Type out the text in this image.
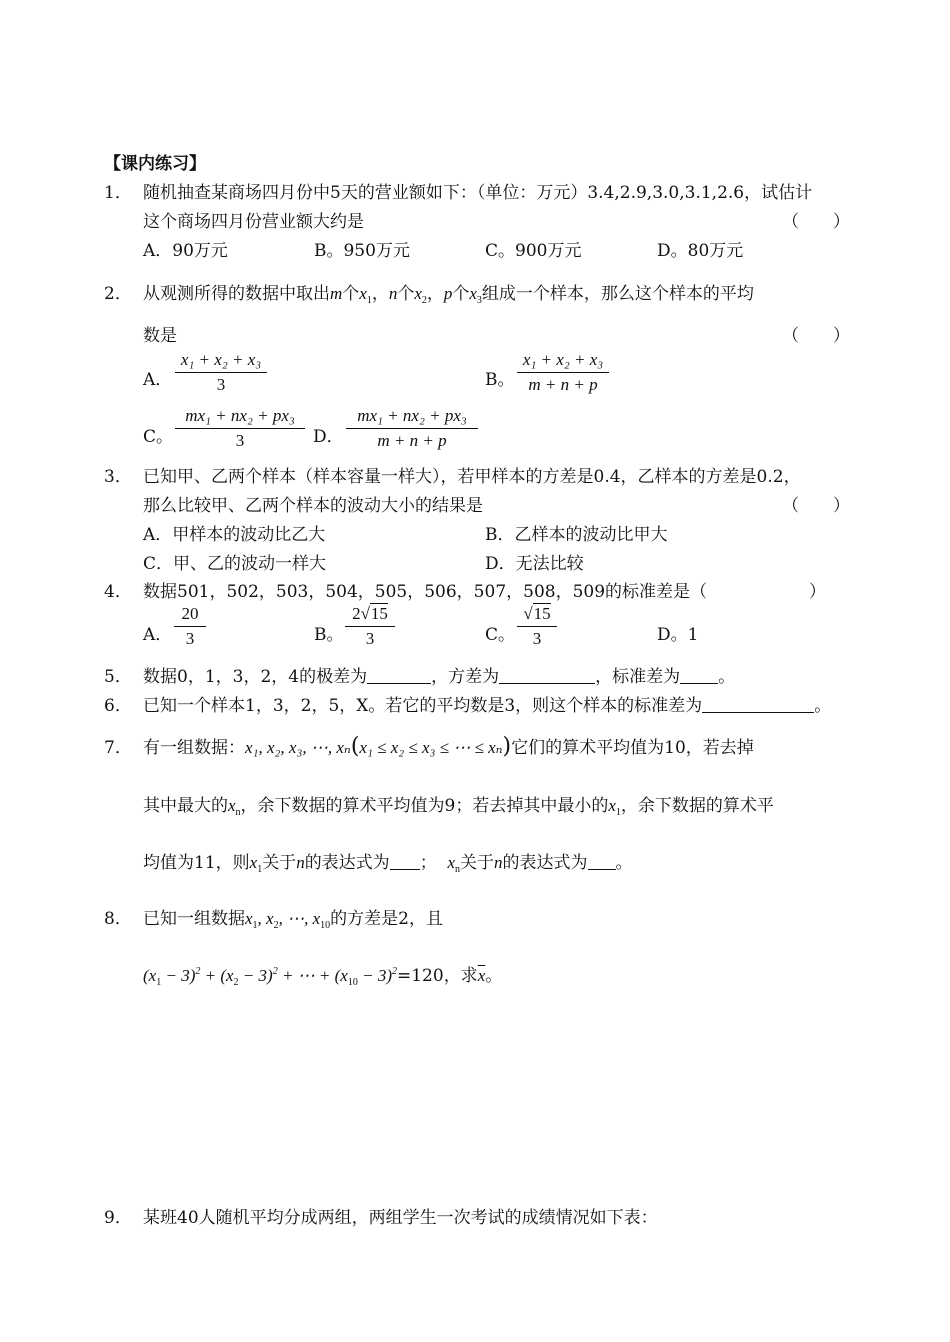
【课内练习】
1． 随机抽查某商场四月份中5天的营业额如下：（单位：万元）3.4,2.9,3.0,3.1,2.6，试估计
这个商场四月份营业额大约是	（　　）
A．90万元	B。950万元	C。900万元	D。80万元
2． 从观测所得的数据中取出m个$x_1$，n个$x_2$，p个$x_3$组成一个样本，那么这个样本的平均
数是	（　　）
A． $\frac{\text{x₁ + x₂ + x₃}}{3}$	B。 $\frac{\text{x₁ + x₂ + x₃}}{m + n + p}$
C。 $\frac{\text{mx₁ + nx₂ + px₃}}{3}$ D． $\frac{\text{mx₁ + nx₂ + px₃}}{m + n + p}$
3． 已知甲、乙两个样本（样本容量一样大），若甲样本的方差是0.4，乙样本的方差是0.2，
那么比较甲、乙两个样本的波动大小的结果是	（　　）
A．甲样本的波动比乙大	B．乙样本的波动比甲大
C．甲、乙的波动一样大	D．无法比较
4． 数据501，502，503，504，505，506，507，508，509的标准差是（　　　　　　）
A． $\frac{20}{3}$	B。 $\frac{2√15}{3}$	C。 $\frac{√15}{3}$	D。1
5． 数据0，1，3，2，4的极差为	，方差为	，标准差为 。
6． 已知一个样本1，3，2，5，X。若它的平均数是3，则这个样本的标准差为	。
7． 有一组数据：x₁, x₂, x₃, ⋯, xₙ(x₁ ≤ x₂ ≤ x₃ ≤ ⋯ ≤ xₙ)它们的算术平均值为10，若去掉
其中最大的$x_n$，余下数据的算术平均值为9；若去掉其中最小的$x_1$，余下数据的算术平
均值为11，则$x_1$关于n的表达式为 ； $x_n$关于n的表达式为 。
8． 已知一组数据$x_1$, $x_2$, ⋯, $x_{10}$的方差是2，且
$(x_1 - 3)^2 + (x_2 - 3)^2$ + ⋯ + $(x_{10} - 3)^2=120$，求$\overline{x}$。
9． 某班40人随机平均分成两组，两组学生一次考试的成绩情况如下表：
